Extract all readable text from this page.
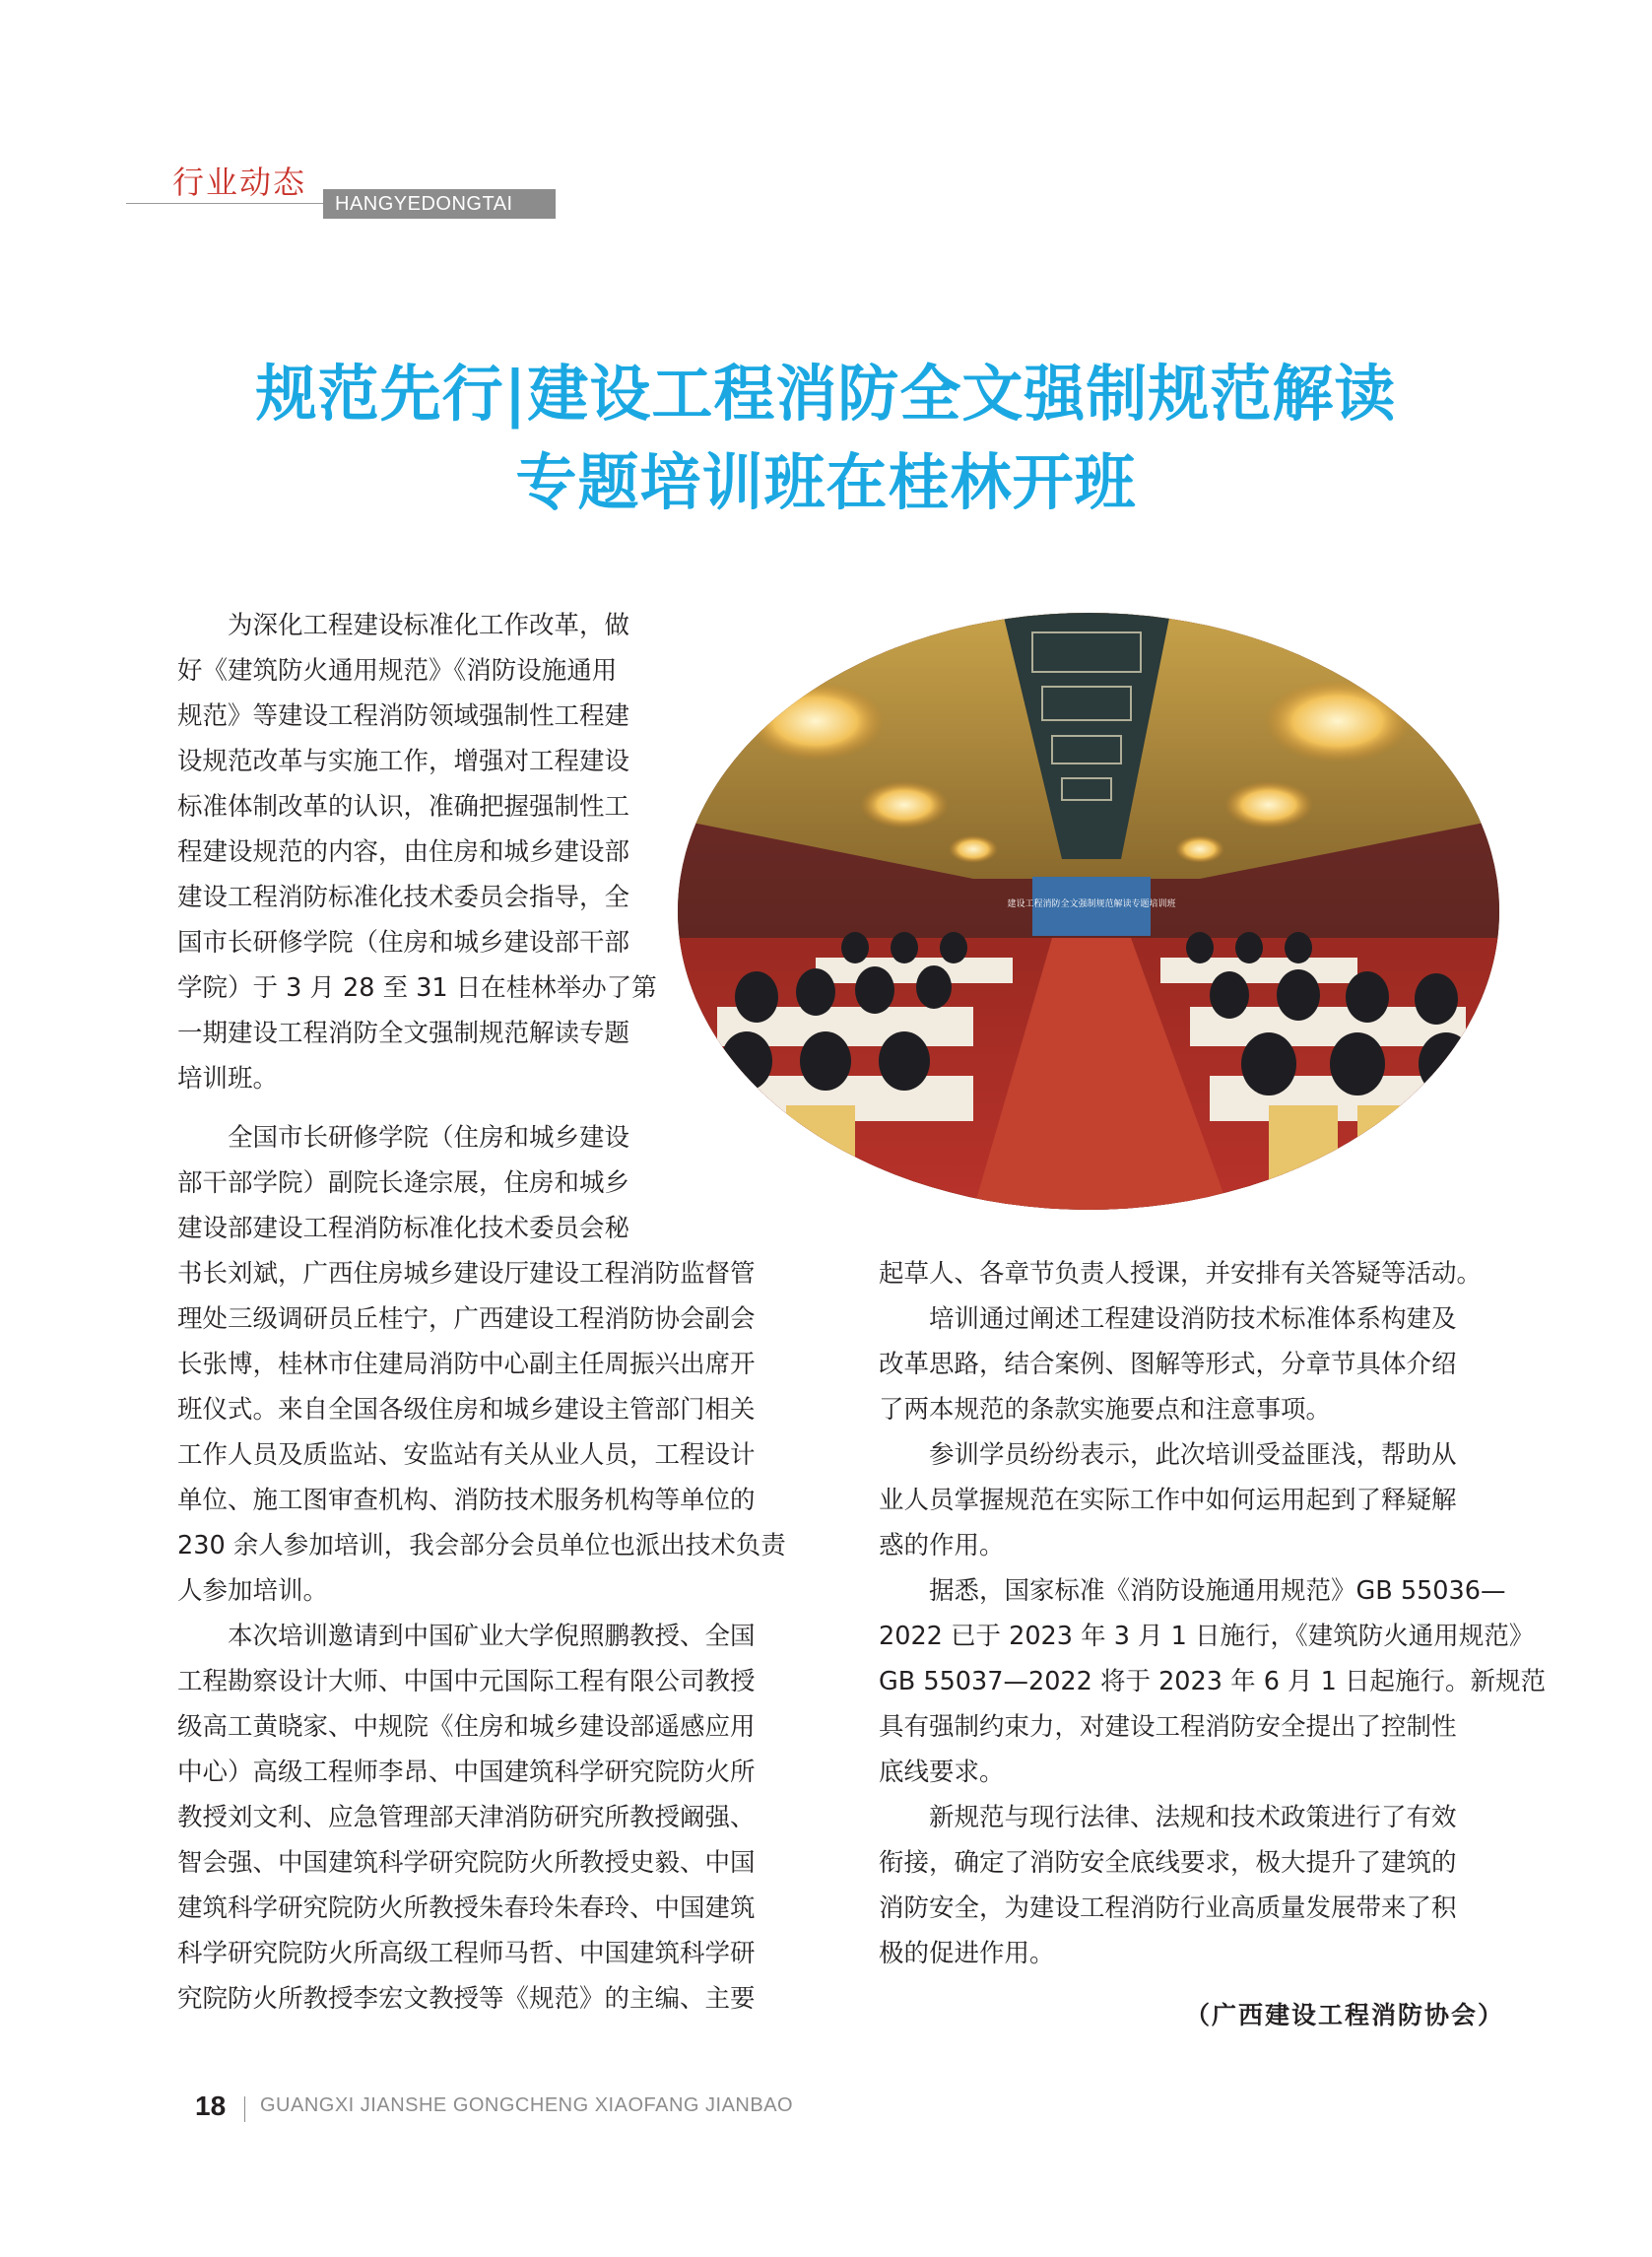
行业动态
HANGYEDONGTAI
规范先行|建设工程消防全文强制规范解读
专题培训班在桂林开班
　　为深化工程建设标准化工作改革，做
好《建筑防火通用规范》《消防设施通用
规范》等建设工程消防领域强制性工程建
设规范改革与实施工作，增强对工程建设
标准体制改革的认识，准确把握强制性工
程建设规范的内容，由住房和城乡建设部
建设工程消防标准化技术委员会指导，全
国市长研修学院（住房和城乡建设部干部
学院）于 3 月 28 至 31 日在桂林举办了第
一期建设工程消防全文强制规范解读专题
培训班。
　　全国市长研修学院（住房和城乡建设
部干部学院）副院长逄宗展，住房和城乡
建设部建设工程消防标准化技术委员会秘
书长刘斌，广西住房城乡建设厅建设工程消防监督管
理处三级调研员丘桂宁，广西建设工程消防协会副会
长张博，桂林市住建局消防中心副主任周振兴出席开
班仪式。来自全国各级住房和城乡建设主管部门相关
工作人员及质监站、安监站有关从业人员，工程设计
单位、施工图审查机构、消防技术服务机构等单位的
230 余人参加培训，我会部分会员单位也派出技术负责
人参加培训。
　　本次培训邀请到中国矿业大学倪照鹏教授、全国
工程勘察设计大师、中国中元国际工程有限公司教授
级高工黄晓家、中规院《住房和城乡建设部遥感应用
中心）高级工程师李昂、中国建筑科学研究院防火所
教授刘文利、应急管理部天津消防研究所教授阚强、
智会强、中国建筑科学研究院防火所教授史毅、中国
建筑科学研究院防火所教授朱春玲朱春玲、中国建筑
科学研究院防火所高级工程师马哲、中国建筑科学研
究院防火所教授李宏文教授等《规范》的主编、主要
起草人、各章节负责人授课，并安排有关答疑等活动。
　　培训通过阐述工程建设消防技术标准体系构建及
改革思路，结合案例、图解等形式，分章节具体介绍
了两本规范的条款实施要点和注意事项。
　　参训学员纷纷表示，此次培训受益匪浅，帮助从
业人员掌握规范在实际工作中如何运用起到了释疑解
惑的作用。
　　据悉，国家标准《消防设施通用规范》GB 55036—
2022 已于 2023 年 3 月 1 日施行，《建筑防火通用规范》
GB 55037—2022 将于 2023 年 6 月 1 日起施行。新规范
具有强制约束力，对建设工程消防安全提出了控制性
底线要求。
　　新规范与现行法律、法规和技术政策进行了有效
衔接，确定了消防安全底线要求，极大提升了建筑的
消防安全，为建设工程消防行业高质量发展带来了积
极的促进作用。
建设工程消防全文强制规范解读专题培训班
（广西建设工程消防协会）
18 GUANGXI JIANSHE GONGCHENG XIAOFANG JIANBAO
